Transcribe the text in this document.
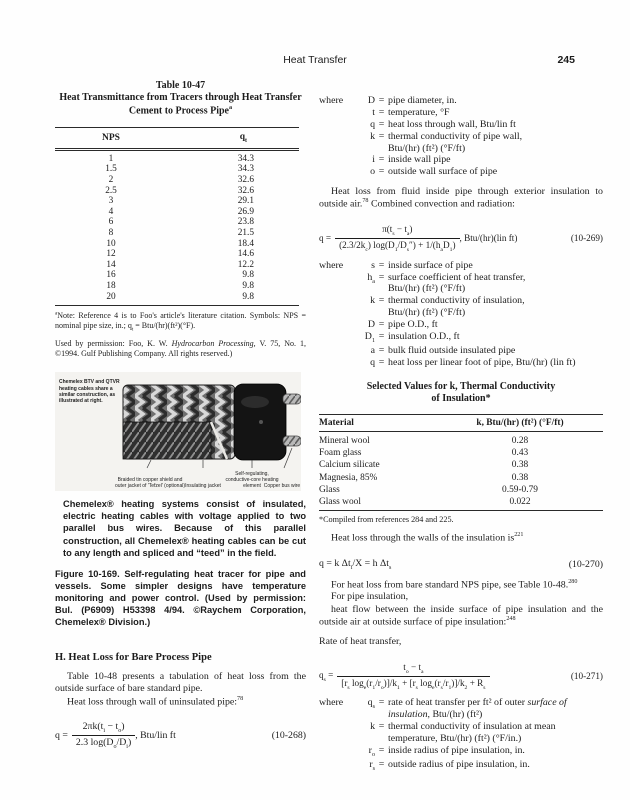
Heat Transfer	245
Table 10-47
Heat Transmittance from Tracers through Heat Transfer
Cement to Process Pipe$^a$
NPS	$q_t$
1	34.3
1.5	34.3
2	32.6
2.5	32.6
3	29.1
4	26.9
6	23.8
8	21.5
10	18.4
12	14.6
14	12.2
16	9.8
18	9.8
20	9.8
$^a$Note: Reference 4 is to Foo's article's literature citation. Symbols: NPS = nominal pipe size, in.; $q_t = Btu/(hr)(ft^2)(^\circ F)$.
Used by permission: Foo, K. W. Hydrocarbon Processing, V. 75, No. 1, ©1994. Gulf Publishing Company. All rights reserved.)
Chemelex BTV and QTVR heating cables share a similar construction, as illustrated at right.
Braided tin copper shield and outer jacket of 'Tefzel' (optional) Insulating jacket
Self-regulating, conductive-core heating element Copper bus wire
Chemelex® heating systems consist of insulated, electric heating cables with voltage applied to two parallel bus wires. Because of this parallel construction, all Chemelex® heating cables can be cut to any length and spliced and “teed” in the field.
Figure 10-169. Self-regulating heat tracer for pipe and vessels. Some simpler designs have temperature monitoring and power control. (Used by permission: Bul. (P6909) H53398 4/94. ©Raychem Corporation, Chemelex® Division.)
H. Heat Loss for Bare Process Pipe
Table 10-48 presents a tabulation of heat loss from the outside surface of bare standard pipe.
Heat loss through wall of uninsulated pipe:$^{78}$
$q = \frac{2\pi k(t_i - t_o)}{2.3 \log(D_o/D_i)}$ , Btu/lin ft	(10-268)
where	D = pipe diameter, in.
t = temperature, °F
q = heat loss through wall, Btu/lin ft
k = thermal conductivity of pipe wall,
Btu/(hr) (ft²) (°F/ft)
i = inside wall pipe
o = outside wall surface of pipe
Heat loss from fluid inside pipe through exterior insulation to outside air.$^{78}$ Combined convection and radiation:
$q = \frac{\pi(t_s - t_a)}{(2.3/2k_c) \log(D_1/D_s'') + 1/(h_aD_1)}$ , Btu/(hr)(lin ft)	(10-269)
where	s = inside surface of pipe
$h_a$ = surface coefficient of heat transfer,
Btu/(hr) (ft²) (°F/ft)
k = thermal conductivity of insulation,
Btu/(hr) (ft²) (°F/ft)
D = pipe O.D., ft
$D_1$ = insulation O.D., ft
a = bulk fluid outside insulated pipe
q = heat loss per linear foot of pipe, Btu/(hr) (lin ft)
Selected Values for k, Thermal Conductivity
of Insulation*
Material	k, Btu/(hr) (ft²) (°F/ft)
Mineral wool	0.28
Foam glass	0.43
Calcium silicate	0.38
Magnesia, 85%	0.38
Glass	0.59-0.79
Glass wool	0.022
*Compiled from references 284 and 225.
Heat loss through the walls of the insulation $is^{221}$
q = k $\Delta t_i/X = h$ $\Delta t_s$	(10-270)
For heat loss from bare standard NPS pipe, see Table 10-48.$^{280}$
For pipe insulation,
heat flow between the inside surface of pipe insulation and the outside air at outside surface of pipe insulation:$^{248}$
Rate of heat transfer,
$q_s = \frac{t_o - t_a}{[r_s \log_e(r_1/r_o)]/k_1 + [r_s \log_e(r_s/r_1)]/k_2 + R_s}$	(10-271)
where	$q_s$ = rate of heat transfer per ft² of outer surface of insulation, Btu/(hr) (ft²)
k = thermal conductivity of insulation at mean temperature, Btu/(hr) (ft²) (°F/in.)
$r_o$ = inside radius of pipe insulation, in.
$r_s$ = outside radius of pipe insulation, in.
